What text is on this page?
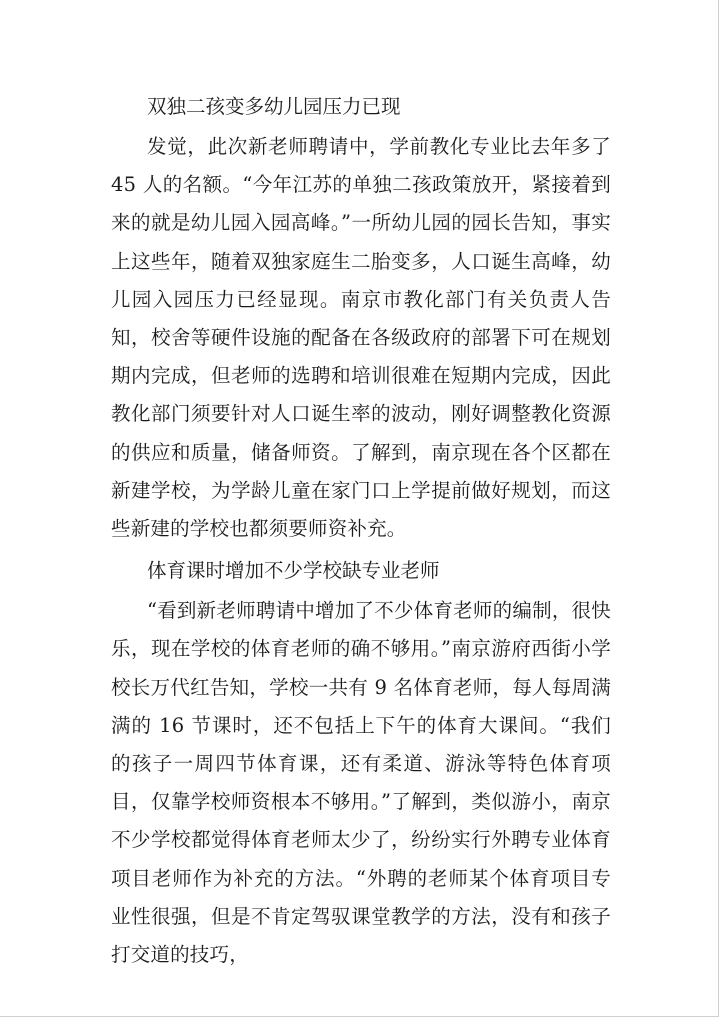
双独二孩变多幼儿园压力已现

发觉，此次新老师聘请中，学前教化专业比去年多了 45 人的名额。“今年江苏的单独二孩政策放开，紧接着到来的就是幼儿园入园高峰。”一所幼儿园的园长告知，事实上这些年，随着双独家庭生二胎变多，人口诞生高峰，幼儿园入园压力已经显现。南京市教化部门有关负责人告知，校舍等硬件设施的配备在各级政府的部署下可在规划期内完成，但老师的选聘和培训很难在短期内完成，因此教化部门须要针对人口诞生率的波动，刚好调整教化资源的供应和质量，储备师资。了解到，南京现在各个区都在新建学校，为学龄儿童在家门口上学提前做好规划，而这些新建的学校也都须要师资补充。

体育课时增加不少学校缺专业老师

“看到新老师聘请中增加了不少体育老师的编制，很快乐，现在学校的体育老师的确不够用。”南京游府西街小学校长万代红告知，学校一共有 9 名体育老师，每人每周满满的 16 节课时，还不包括上下午的体育大课间。“我们的孩子一周四节体育课，还有柔道、游泳等特色体育项目，仅靠学校师资根本不够用。”了解到，类似游小，南京不少学校都觉得体育老师太少了，纷纷实行外聘专业体育项目老师作为补充的方法。“外聘的老师某个体育项目专业性很强，但是不肯定驾驭课堂教学的方法，没有和孩子打交道的技巧，
